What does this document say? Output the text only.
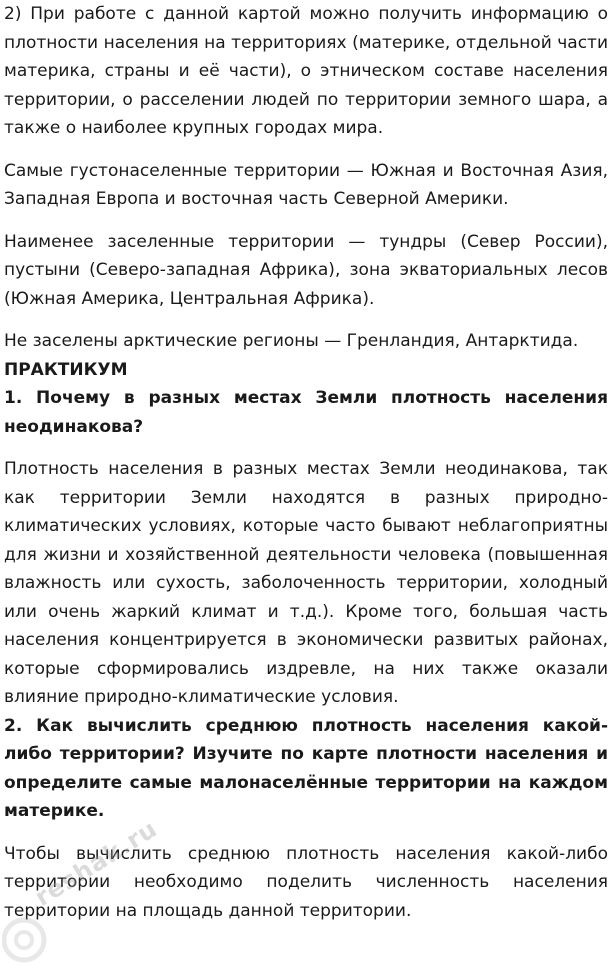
2) При работе с данной картой можно получить информацию о плотности населения на территориях (материке, отдельной части материка, страны и её части), о этническом составе населения территории, о расселении людей по территории земного шара, а также о наиболее крупных городах мира.

Самые густонаселенные территории — Южная и Восточная Азия, Западная Европа и восточная часть Северной Америки.

Наименее заселенные территории — тундры (Север России), пустыни (Северо-западная Африка), зона экваториальных лесов (Южная Америка, Центральная Африка).

Не заселены арктические регионы — Гренландия, Антарктида.

ПРАКТИКУМ

1. Почему в разных местах Земли плотность населения неодинакова?

Плотность населения в разных местах Земли неодинакова, так как территории Земли находятся в разных природно-климатических условиях, которые часто бывают неблагоприятны для жизни и хозяйственной деятельности человека (повышенная влажность или сухость, заболоченность территории, холодный или очень жаркий климат и т.д.). Кроме того, большая часть населения концентрируется в экономически развитых районах, которые сформировались издревле, на них также оказали влияние природно-климатические условия.

2. Как вычислить среднюю плотность населения какой-либо территории? Изучите по карте плотности населения и определите самые малонаселённые территории на каждом материке.

Чтобы вычислить среднюю плотность населения какой-либо территории необходимо поделить численность населения территории на площадь данной территории.

reshak.ru
